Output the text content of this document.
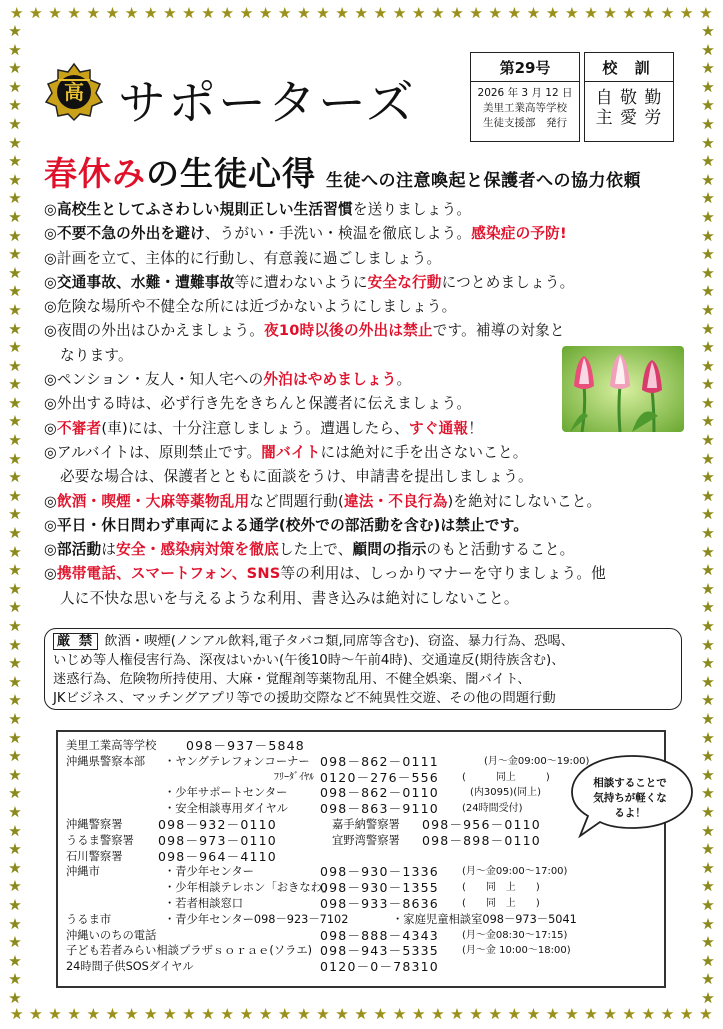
★ ★ ★ ★ ★ ★ ★ ★ ★ ★ ★ ★ ★ ★ ★ ★ ★ ★ ★ ★ ★ ★ ★ ★ ★ ★ ★ ★ ★ ★ ★ ★ ★ ★ ★ ★ ★
★ ★ ★ ★ ★ ★ ★ ★ ★ ★ ★ ★ ★ ★ ★ ★ ★ ★ ★ ★ ★ ★ ★ ★ ★ ★ ★ ★ ★ ★ ★ ★ ★ ★ ★ ★ ★
★
★
★
★
★
★
★
★
★
★
★
★
★
★
★
★
★
★
★
★
★
★
★
★
★
★
★
★
★
★
★
★
★
★
★
★
★
★
★
★
★
★
★
★
★
★
★
★
★
★
★
★
★
★
★
★
★
★
★
★
★
★
★
★
★
★
★
★
★
★
★
★
★
★
★
★
★
★
★
★
★
★
★
★
★
★
★
★
★
★
★
★
★
★
★
★
★
★
★
★
★
★
★
★
★
★
高 サポーターズ
第29号
2026 年 3 月 12 日
美里工業高等学校
生徒支援部　発行
校 訓
自 敬 勤
主 愛 労
春休み の生徒心得 生徒への注意喚起と保護者への協力依頼
◎高校生としてふさわしい規則正しい生活習慣を送りましょう。
◎不要不急の外出を避け、うがい・手洗い・検温を徹底しよう。感染症の予防!
◎計画を立て、主体的に行動し、有意義に過ごしましょう。
◎交通事故、水難・遭難事故等に遭わないように安全な行動につとめましょう。
◎危険な場所や不健全な所には近づかないようにしましょう。
◎夜間の外出はひかえましょう。夜10時以後の外出は禁止です。補導の対象と
なります。
◎ペンション・友人・知人宅への外泊はやめましょう。
◎外出する時は、必ず行き先をきちんと保護者に伝えましょう。
◎不審者(車)には、十分注意しましょう。遭遇したら、すぐ通報！
◎アルバイトは、原則禁止です。闇バイトには絶対に手を出さないこと。
必要な場合は、保護者とともに面談をうけ、申請書を提出しましょう。
◎飲酒・喫煙・大麻等薬物乱用など問題行動(違法・不良行為)を絶対にしないこと。
◎平日・休日問わず車両による通学(校外での部活動を含む)は禁止です。
◎部活動は安全・感染病対策を徹底した上で、顧問の指示のもと活動すること。
◎携帯電話、スマートフォン、SNS等の利用は、しっかりマナーを守りましょう。他
人に不快な思いを与えるような利用、書き込みは絶対にしないこと。
厳 禁 飲酒・喫煙(ノンアル飲料,電子タバコ類,同席等含む)、窃盗、暴力行為、恐喝、
いじめ等人権侵害行為、深夜はいかい(午後10時～午前4時)、交通違反(期待族含む)、
迷惑行為、危険物所持使用、大麻・覚醒剤等薬物乱用、不健全娯楽、闇バイト、
JKビジネス、マッチングアプリ等での援助交際など不純異性交遊、その他の問題行動
美里工業高等学校 098－937－5848
沖縄県警察本部 ・ヤングテレフォンコーナー 098－862－0111	(月～金09:00～19:00)
ﾌﾘｰﾀﾞｲﾔﾙ 0120－276－556 (　　　同上　　　)
・少年サポートセンター	098－862－0110	(内3095)(同上)
・安全相談専用ダイヤル	098－863－9110 (24時間受付)
沖縄警察署	098－932－0110	嘉手納警察署 098－956－0110
うるま警察署 098－973－0110	宜野湾警察署 098－898－0110
石川警察署	098－964－4110
沖縄市	・青少年センター	098－930－1336 (月～金09:00～17:00)
・少年相談テレホン「おきなわ」
098－930－1355 (　　同　上　　)
・若者相談窓口	098－933－8636 (　　同　上　　)
うるま市	・青少年センター098－923－7102	・家庭児童相談室098－973－5041
沖縄いのちの電話	098－888－4343 (月～金08:30～17:15)
子ども若者みらい相談プラザｓｏｒａｅ(ソラエ) 098－943－5335 (月～金 10:00～18:00)
24時間子供SOSダイヤル	0120－0－78310
相談することで
気持ちが軽くな
るよ！
